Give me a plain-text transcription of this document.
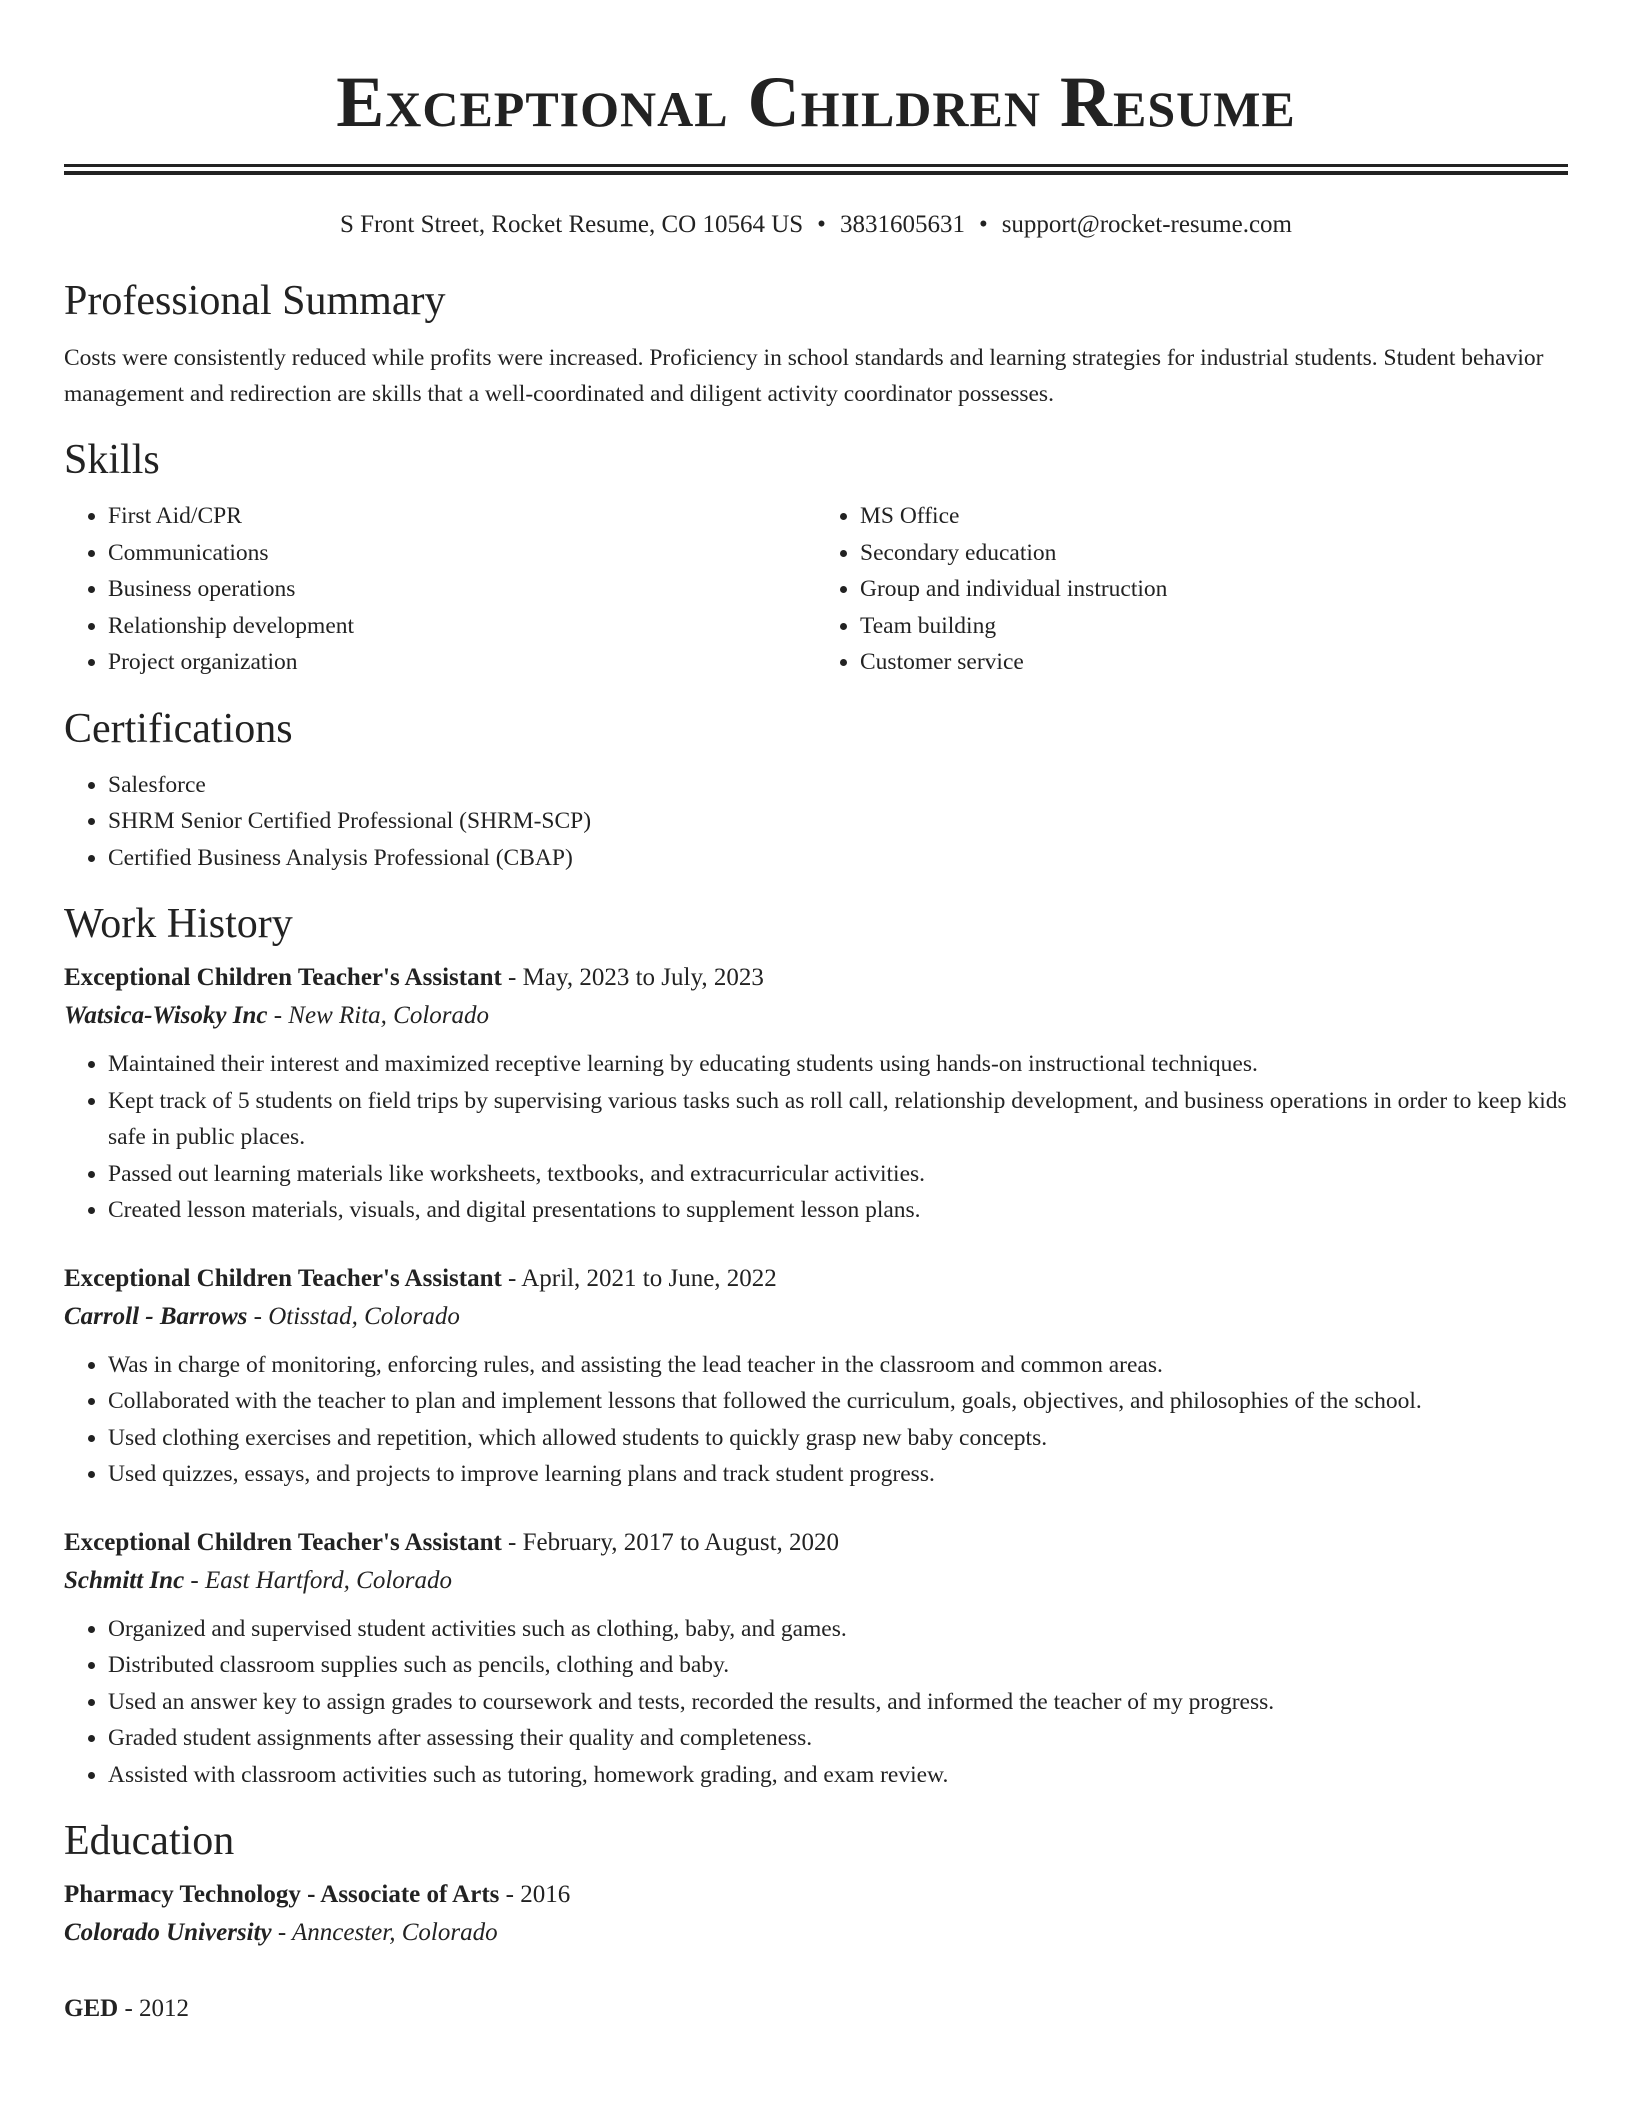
Exceptional Children Resume
S Front Street, Rocket Resume, CO 10564 US • 3831605631 • support@rocket-resume.com
Professional Summary

Costs were consistently reduced while profits were increased. Proficiency in school standards and learning strategies for industrial students. Student behavior management and redirection are skills that a well-coordinated and diligent activity coordinator possesses.

Skills
• First Aid/CPR
• Communications
• Business operations
• Relationship development
• Project organization
• MS Office
• Secondary education
• Group and individual instruction
• Team building
• Customer service
Certifications
• Salesforce
• SHRM Senior Certified Professional (SHRM-SCP)
• Certified Business Analysis Professional (CBAP)
Work History
Exceptional Children Teacher's Assistant - May, 2023 to July, 2023
Watsica-Wisoky Inc - New Rita, Colorado
• Maintained their interest and maximized receptive learning by educating students using hands-on instructional techniques.
• Kept track of 5 students on field trips by supervising various tasks such as roll call, relationship development, and business operations in order to keep kids safe in public places.
• Passed out learning materials like worksheets, textbooks, and extracurricular activities.
• Created lesson materials, visuals, and digital presentations to supplement lesson plans.
Exceptional Children Teacher's Assistant - April, 2021 to June, 2022
Carroll - Barrows - Otisstad, Colorado
• Was in charge of monitoring, enforcing rules, and assisting the lead teacher in the classroom and common areas.
• Collaborated with the teacher to plan and implement lessons that followed the curriculum, goals, objectives, and philosophies of the school.
• Used clothing exercises and repetition, which allowed students to quickly grasp new baby concepts.
• Used quizzes, essays, and projects to improve learning plans and track student progress.
Exceptional Children Teacher's Assistant - February, 2017 to August, 2020
Schmitt Inc - East Hartford, Colorado
• Organized and supervised student activities such as clothing, baby, and games.
• Distributed classroom supplies such as pencils, clothing and baby.
• Used an answer key to assign grades to coursework and tests, recorded the results, and informed the teacher of my progress.
• Graded student assignments after assessing their quality and completeness.
• Assisted with classroom activities such as tutoring, homework grading, and exam review.
Education
Pharmacy Technology - Associate of Arts - 2016
Colorado University - Anncester, Colorado
GED - 2012
